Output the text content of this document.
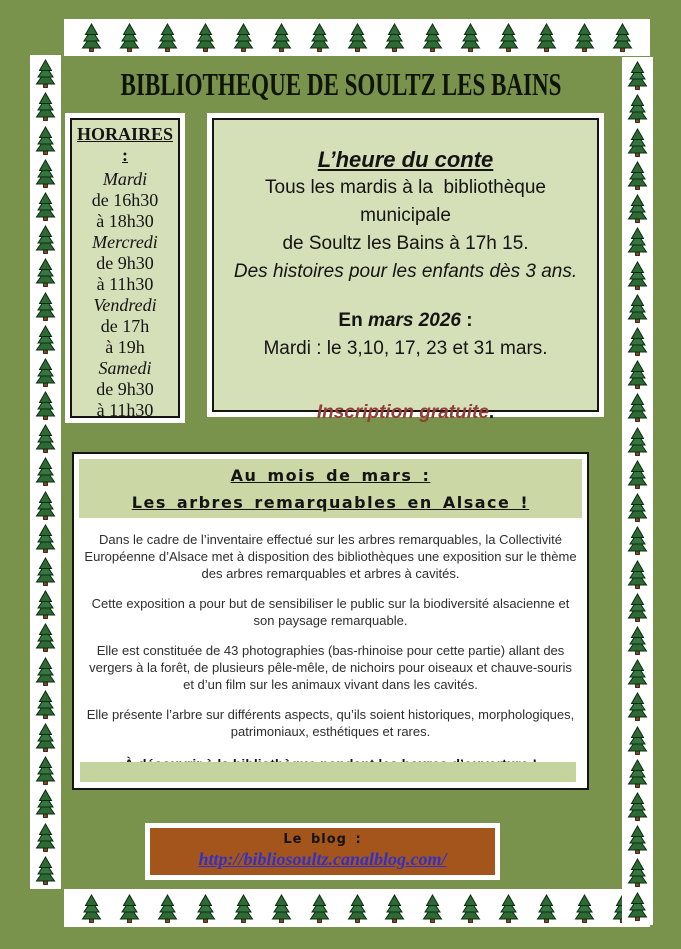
BIBLIOTHEQUE DE SOULTZ LES BAINS
HORAIRES :
Mardi
de 16h30
à 18h30
Mercredi
de 9h30
à 11h30
Vendredi
de 17h
à 19h
Samedi
de 9h30
à 11h30
L’heure du conte
Tous les mardis à la  bibliothèque
municipale
de Soultz les Bains à 17h 15.
Des histoires pour les enfants dès 3 ans.
En mars 2026 :
Mardi : le 3,10, 17, 23 et 31 mars.
Inscription gratuite.
Au mois de mars :
Les arbres remarquables en Alsace !
Dans le cadre de l’inventaire effectué sur les arbres remarquables, la Collectivité Européenne d’Alsace met à disposition des bibliothèques une exposition sur le thème des arbres remarquables et arbres à cavités.
Cette exposition a pour but de sensibiliser le public sur la biodiversité alsacienne et son paysage remarquable.
Elle est constituée de 43 photographies (bas-rhinoise pour cette partie) allant des vergers à la forêt, de plusieurs pêle-mêle, de nichoirs pour oiseaux et chauve-souris et d’un film sur les animaux vivant dans les cavités.
Elle présente l’arbre sur différents aspects, qu’ils soient historiques, morphologiques, patrimoniaux, esthétiques et rares.
Le blog :
http://bibliosoultz.canalblog.com/
